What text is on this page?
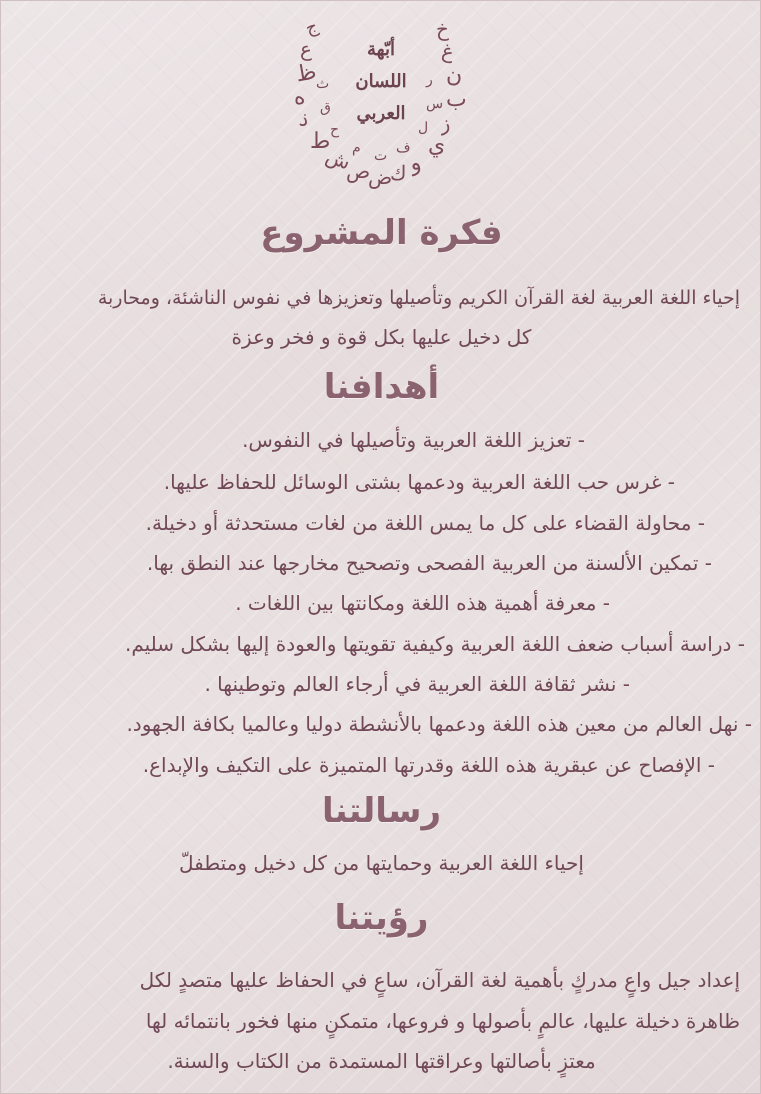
ج
ع
ظ
ه
ذ
ط
ش
ص
ض
ك و
ي
ز
ب
ن
غ
خ
ث
ق
ح
م	ف
ل
س
ر
ت
أبّهة
اللسان
العربي
فكرة المشروع
إحياء اللغة العربية لغة القرآن الكريم وتأصيلها وتعزيزها في نفوس الناشئة، ومحاربة
كل دخيل عليها بكل قوة و فخر وعزة
أهدافنا
- تعزيز اللغة العربية وتأصيلها في النفوس.
- غرس حب اللغة العربية ودعمها بشتى الوسائل للحفاظ عليها.
- محاولة القضاء على كل ما يمس اللغة من لغات مستحدثة أو دخيلة.
- تمكين الألسنة من العربية الفصحى وتصحيح مخارجها عند النطق بها.
- معرفة أهمية هذه اللغة ومكانتها بين اللغات .
- دراسة أسباب ضعف اللغة العربية وكيفية تقويتها والعودة إليها بشكل سليم.
- نشر ثقافة اللغة العربية في أرجاء العالم وتوطينها .
- نهل العالم من معين هذه اللغة ودعمها بالأنشطة دوليا وعالميا بكافة الجهود.
- الإفصاح عن عبقرية هذه اللغة وقدرتها المتميزة على التكيف والإبداع.
رسالتنا
إحياء اللغة العربية وحمايتها من كل دخيل ومتطفلّ
رؤيتنا
إعداد جيل واعٍ مدركٍ بأهمية لغة القرآن، ساعٍ في الحفاظ عليها متصدٍ لكل
ظاهرة دخيلة عليها، عالمٍ بأصولها و فروعها، متمكنٍ منها فخور بانتمائه لها
معتزٍ بأصالتها وعراقتها المستمدة من الكتاب والسنة.
